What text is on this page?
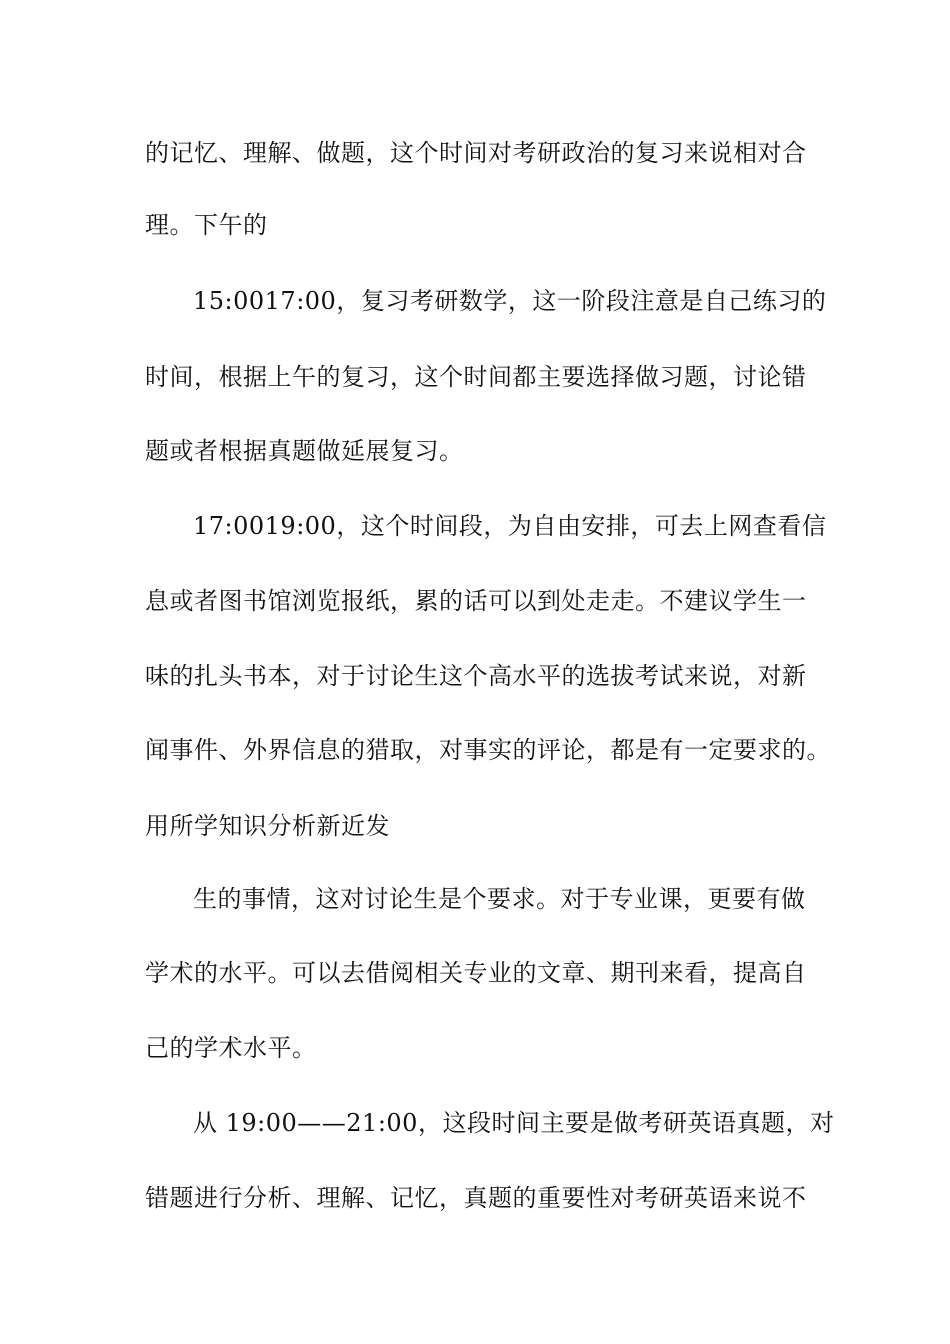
的记忆、理解、做题，这个时间对考研政治的复习来说相对合
理。下午的
15:0017:00，复习考研数学，这一阶段注意是自己练习的
时间，根据上午的复习，这个时间都主要选择做习题，讨论错
题或者根据真题做延展复习。
17:0019:00，这个时间段，为自由安排，可去上网查看信
息或者图书馆浏览报纸，累的话可以到处走走。不建议学生一
味的扎头书本，对于讨论生这个高水平的选拔考试来说，对新
闻事件、外界信息的猎取，对事实的评论，都是有一定要求的。
用所学知识分析新近发
生的事情，这对讨论生是个要求。对于专业课，更要有做
学术的水平。可以去借阅相关专业的文章、期刊来看，提高自
己的学术水平。
从 19:00——21:00，这段时间主要是做考研英语真题，对
错题进行分析、理解、记忆，真题的重要性对考研英语来说不
